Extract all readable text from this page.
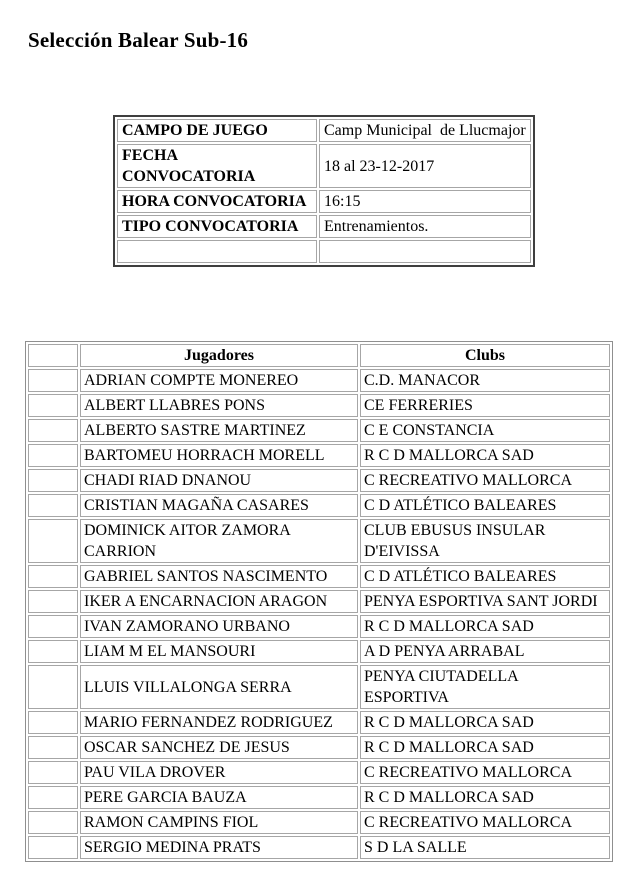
Selección Balear Sub-16
CAMPO DE JUEGO	Camp Municipal  de Llucmajor
FECHA CONVOCATORIA	18 al 23-12-2017
HORA CONVOCATORIA	16:15
TIPO CONVOCATORIA	Entrenamientos.

	Jugadores	Clubs
	ADRIAN COMPTE MONEREO	C.D. MANACOR
	ALBERT LLABRES PONS	CE FERRERIES
	ALBERTO SASTRE MARTINEZ	C E CONSTANCIA
	BARTOMEU HORRACH MORELL	R C D MALLORCA SAD
	CHADI RIAD DNANOU	C RECREATIVO MALLORCA
	CRISTIAN MAGAÑA CASARES	C D ATLÉTICO BALEARES
	DOMINICK AITOR ZAMORA CARRION	CLUB EBUSUS INSULAR D'EIVISSA
	GABRIEL SANTOS NASCIMENTO	C D ATLÉTICO BALEARES
	IKER A ENCARNACION ARAGON	PENYA ESPORTIVA SANT JORDI
	IVAN ZAMORANO URBANO	R C D MALLORCA SAD
	LIAM M EL MANSOURI	A D PENYA ARRABAL
	LLUIS VILLALONGA SERRA	PENYA CIUTADELLA ESPORTIVA
	MARIO FERNANDEZ RODRIGUEZ	R C D MALLORCA SAD
	OSCAR SANCHEZ DE JESUS	R C D MALLORCA SAD
	PAU VILA DROVER	C RECREATIVO MALLORCA
	PERE GARCIA BAUZA	R C D MALLORCA SAD
	RAMON CAMPINS FIOL	C RECREATIVO MALLORCA
	SERGIO MEDINA PRATS	S D LA SALLE
